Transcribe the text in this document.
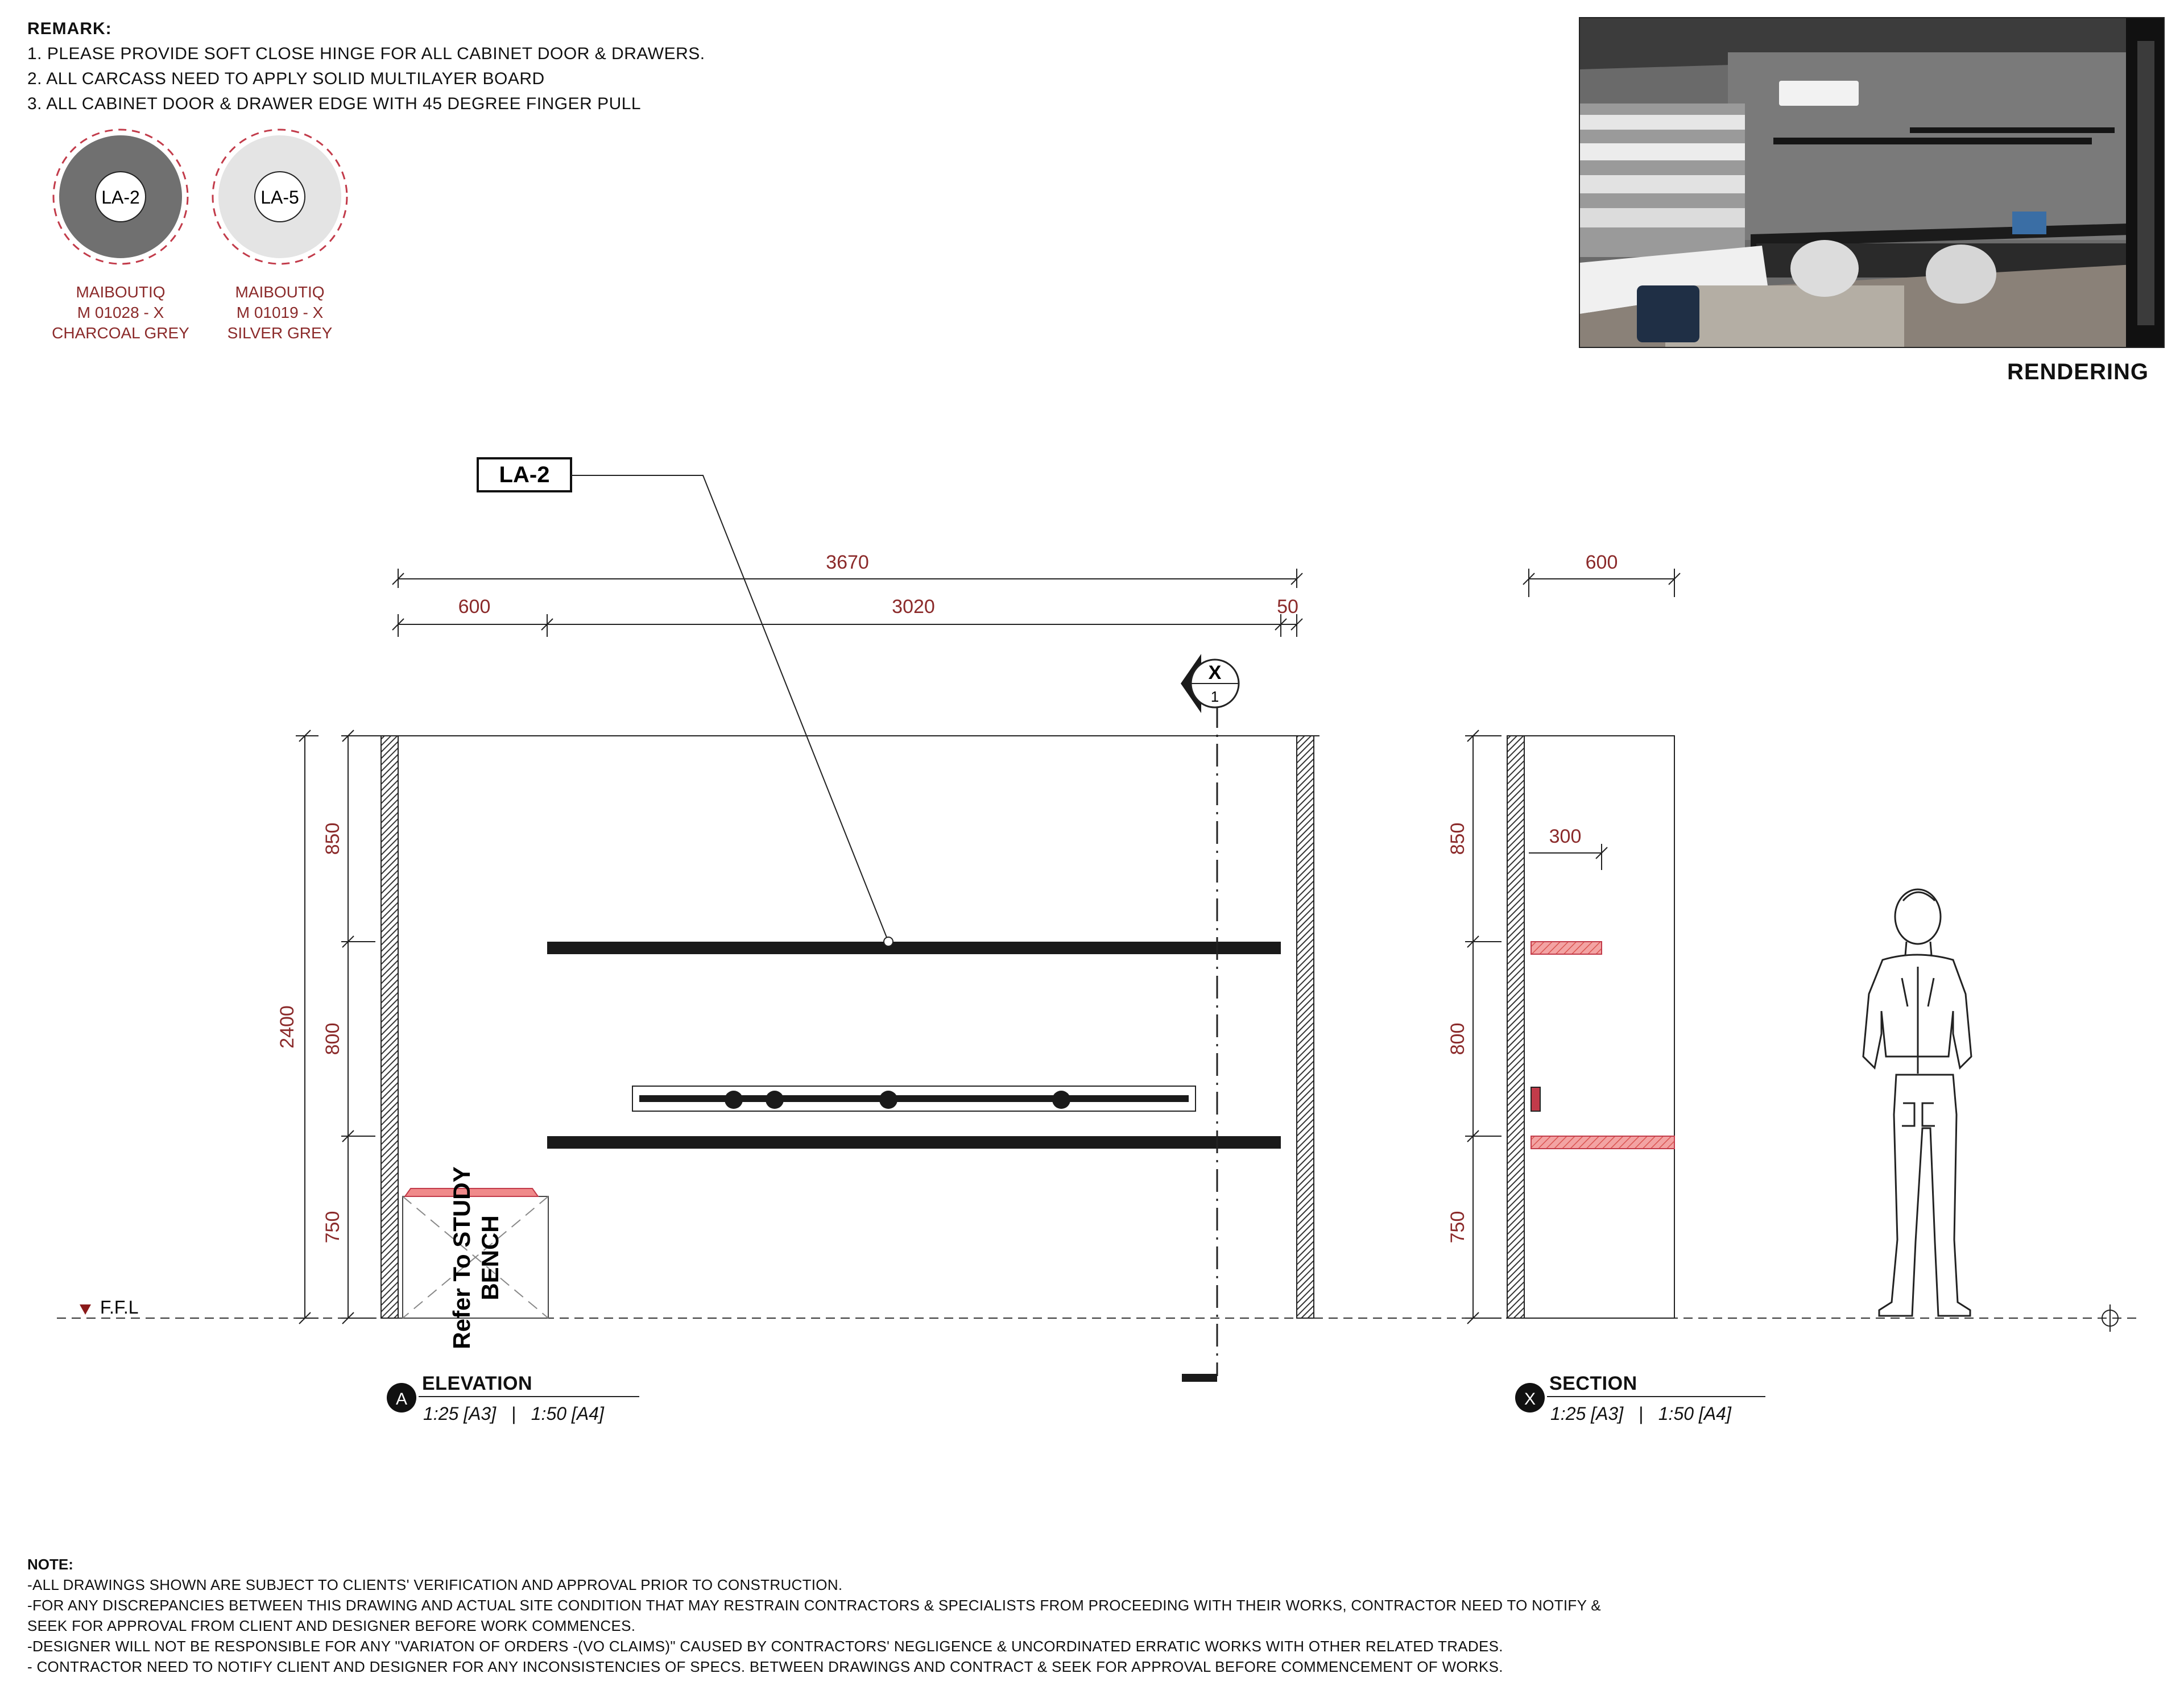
REMARK:
1. PLEASE PROVIDE SOFT CLOSE HINGE FOR ALL CABINET DOOR & DRAWERS.
2. ALL CARCASS NEED TO APPLY SOLID MULTILAYER BOARD
3. ALL CABINET DOOR & DRAWER EDGE WITH 45 DEGREE FINGER PULL
LA-2	LA-5
MAIBOUTIQ
M 01028 - X
CHARCOAL GREY
MAIBOUTIQ
M 01019 - X
SILVER GREY
RENDERING
F.F.L	Refer To STUDY BENCH
X
1
3670
600	3020	50
2400
850
800
750
LA-2
600
300
850
800
750
A	X
ELEVATION
1:25 [A3]   |   1:50 [A4]
SECTION
1:25 [A3]   |   1:50 [A4]
NOTE:
-ALL DRAWINGS SHOWN ARE SUBJECT TO CLIENTS' VERIFICATION AND APPROVAL PRIOR TO CONSTRUCTION.
-FOR ANY DISCREPANCIES BETWEEN THIS DRAWING AND ACTUAL SITE CONDITION THAT MAY RESTRAIN CONTRACTORS & SPECIALISTS FROM PROCEEDING WITH THEIR WORKS, CONTRACTOR NEED TO NOTIFY &
SEEK FOR APPROVAL FROM CLIENT AND DESIGNER BEFORE WORK COMMENCES.
-DESIGNER WILL NOT BE RESPONSIBLE FOR ANY "VARIATON OF ORDERS -(VO CLAIMS)" CAUSED BY CONTRACTORS' NEGLIGENCE & UNCORDINATED ERRATIC WORKS WITH OTHER RELATED TRADES.
- CONTRACTOR NEED TO NOTIFY CLIENT AND DESIGNER FOR ANY INCONSISTENCIES OF SPECS. BETWEEN DRAWINGS AND CONTRACT & SEEK FOR APPROVAL BEFORE COMMENCEMENT OF WORKS.
